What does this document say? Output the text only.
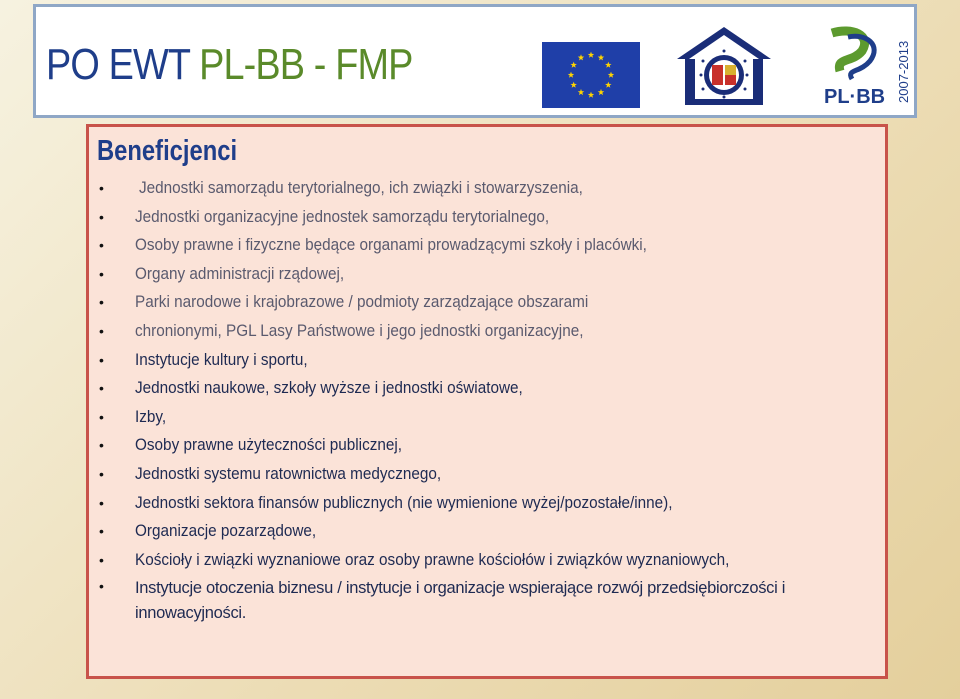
PO EWT PL-BB - FMP
PL·BB 2007-2013
Beneficjenci
• Jednostki samorządu terytorialnego, ich związki i stowarzyszenia,
• Jednostki organizacyjne jednostek samorządu terytorialnego,
• Osoby prawne i fizyczne będące organami prowadzącymi szkoły i placówki,
• Organy administracji rządowej,
• Parki narodowe i krajobrazowe / podmioty zarządzające obszarami
• chronionymi, PGL Lasy Państwowe i jego jednostki organizacyjne,
• Instytucje kultury i sportu,
• Jednostki naukowe, szkoły wyższe i jednostki oświatowe,
• Izby,
• Osoby prawne użyteczności publicznej,
• Jednostki systemu ratownictwa medycznego,
• Jednostki sektora finansów publicznych (nie wymienione wyżej/pozostałe/inne),
• Organizacje pozarządowe,
• Kościoły i związki wyznaniowe oraz osoby prawne kościołów i związków wyznaniowych,
• Instytucje otoczenia biznesu / instytucje i organizacje wspierające rozwój przedsiębiorczości i innowacyjności.
